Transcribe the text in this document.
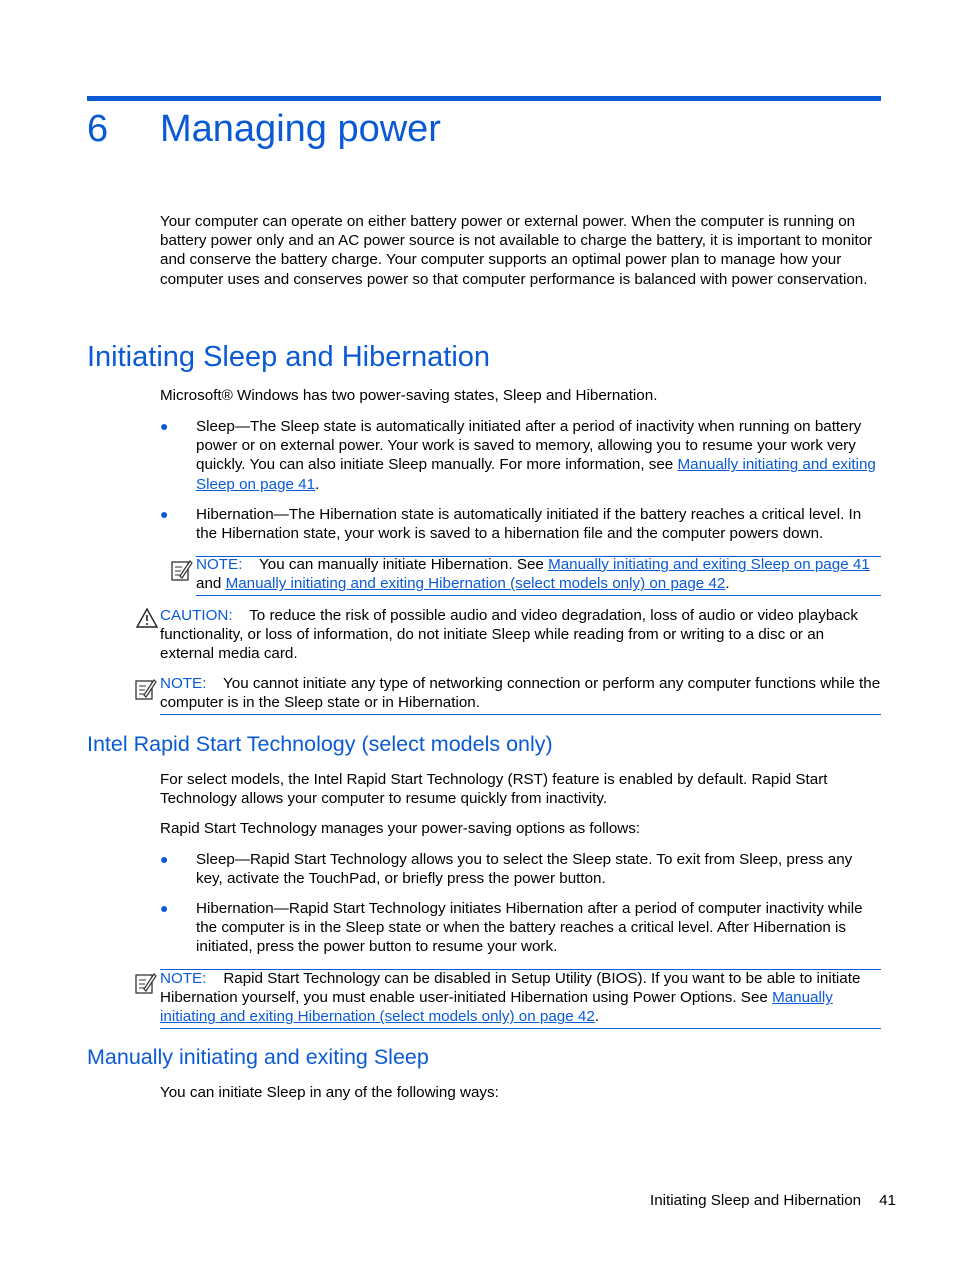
6 Managing power
Your computer can operate on either battery power or external power. When the computer is running on battery power only and an AC power source is not available to charge the battery, it is important to monitor and conserve the battery charge. Your computer supports an optimal power plan to manage how your computer uses and conserves power so that computer performance is balanced with power conservation.
Initiating Sleep and Hibernation
Microsoft® Windows has two power-saving states, Sleep and Hibernation.
● Sleep—The Sleep state is automatically initiated after a period of inactivity when running on battery power or on external power. Your work is saved to memory, allowing you to resume your work very quickly. You can also initiate Sleep manually. For more information, see Manually initiating and exiting Sleep on page 41.
● Hibernation—The Hibernation state is automatically initiated if the battery reaches a critical level. In the Hibernation state, your work is saved to a hibernation file and the computer powers down.
NOTE: You can manually initiate Hibernation. See Manually initiating and exiting Sleep on page 41 and Manually initiating and exiting Hibernation (select models only) on page 42.
CAUTION: To reduce the risk of possible audio and video degradation, loss of audio or video playback functionality, or loss of information, do not initiate Sleep while reading from or writing to a disc or an external media card.
NOTE: You cannot initiate any type of networking connection or perform any computer functions while the computer is in the Sleep state or in Hibernation.
Intel Rapid Start Technology (select models only)
For select models, the Intel Rapid Start Technology (RST) feature is enabled by default. Rapid Start Technology allows your computer to resume quickly from inactivity.
Rapid Start Technology manages your power-saving options as follows:
● Sleep—Rapid Start Technology allows you to select the Sleep state. To exit from Sleep, press any key, activate the TouchPad, or briefly press the power button.
● Hibernation—Rapid Start Technology initiates Hibernation after a period of computer inactivity while the computer is in the Sleep state or when the battery reaches a critical level. After Hibernation is initiated, press the power button to resume your work.
NOTE: Rapid Start Technology can be disabled in Setup Utility (BIOS). If you want to be able to initiate Hibernation yourself, you must enable user-initiated Hibernation using Power Options. See Manually initiating and exiting Hibernation (select models only) on page 42.
Manually initiating and exiting Sleep
You can initiate Sleep in any of the following ways:
Initiating Sleep and Hibernation 41
